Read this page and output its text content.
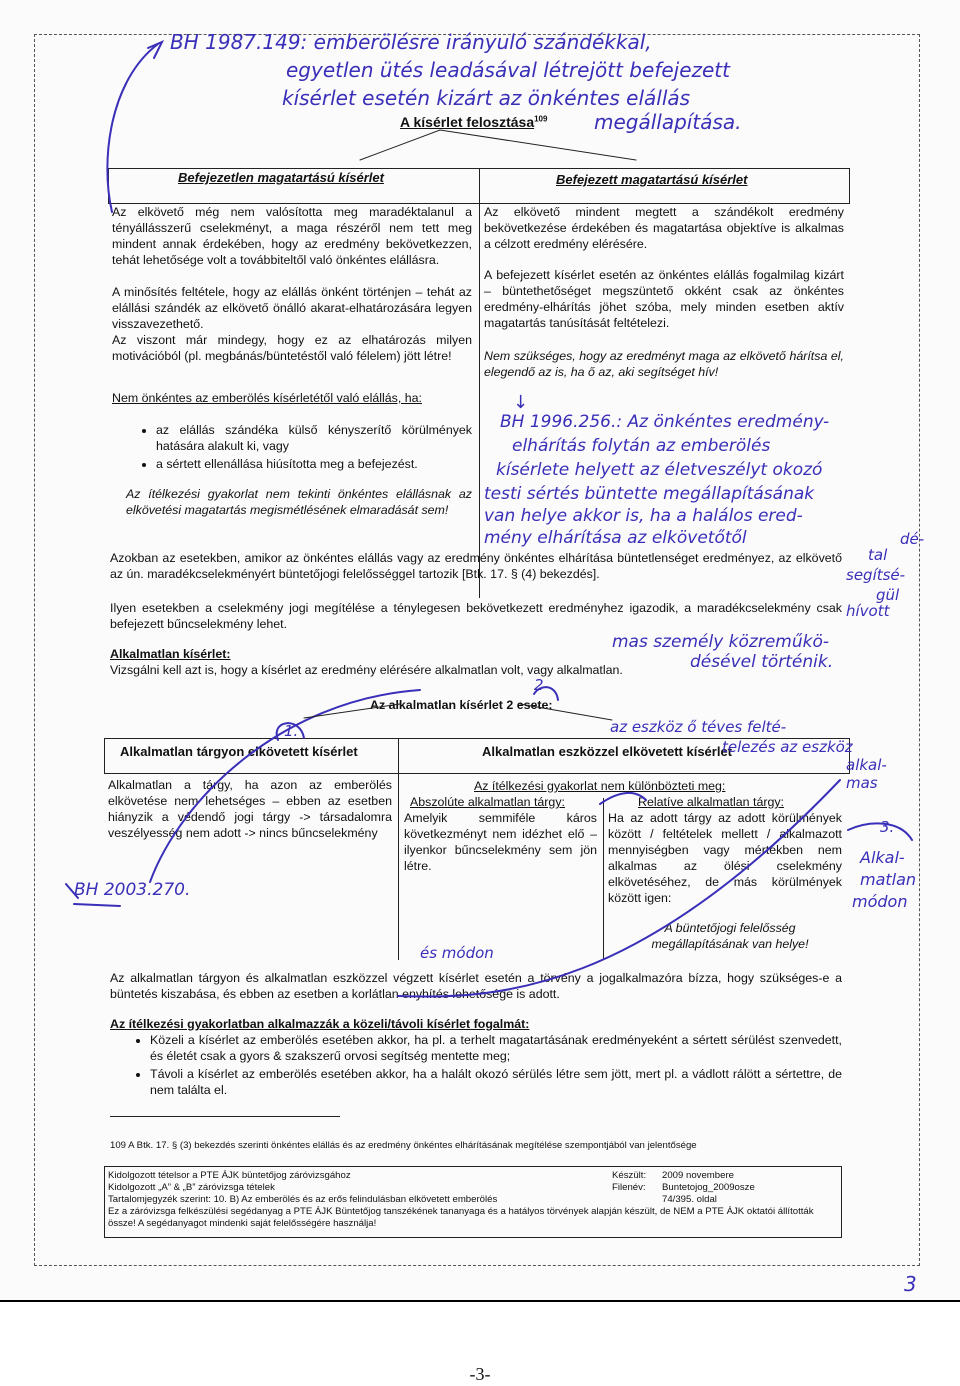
A kísérlet felosztása$^{109}$
Befejezetlen magatartású kísérlet	Befejezett magatartású kísérlet
Az elkövető még nem valósította meg maradéktalanul a tényállásszerű cselekményt, a maga részéről nem tett meg mindent annak érdekében, hogy az eredmény bekövetkezzen, tehát lehetősége volt a továbbiteltől való önkéntes elállásra.
A minősítés feltétele, hogy az elállás önként történjen – tehát az elállási szándék az elkövető önálló akarat-elhatározására legyen visszavezethető.
Az viszont már mindegy, hogy ez az elhatározás milyen motivációból (pl. megbánás/büntetéstől való félelem) jött létre!
Nem önkéntes az emberölés kísérletétől való elállás, ha:
• az elállás szándéka külső kényszerítő körülmények hatására alakult ki, vagy
• a sértett ellenállása hiúsította meg a befejezést.
Az ítélkezési gyakorlat nem tekinti önkéntes elállásnak az elkövetési magatartás megismétlésének elmaradását sem!
Az elkövető mindent megtett a szándékolt eredmény bekövetkezése érdekében és magatartása objektíve is alkalmas a célzott eredmény elérésére.
A befejezett kísérlet esetén az önkéntes elállás fogalmilag kizárt – büntethetőséget megszüntető okként csak az önkéntes eredmény-elhárítás jöhet szóba, mely minden esetben aktív magatartás tanúsítását feltételezi.
Nem szükséges, hogy az eredményt maga az elkövető hárítsa el, elegendő az is, ha ő az, aki segítséget hív!
Azokban az esetekben, amikor az önkéntes elállás vagy az eredmény önkéntes elhárítása büntetlenséget eredményez, az elkövető az ún. maradékcselekményért büntetőjogi felelősséggel tartozik [Btk. 17. § (4) bekezdés].
Ilyen esetekben a cselekmény jogi megítélése a ténylegesen bekövetkezett eredményhez igazodik, a maradékcselekmény csak befejezett bűncselekmény lehet.
Alkalmatlan kísérlet:
Vizsgálni kell azt is, hogy a kísérlet az eredmény elérésére alkalmatlan volt, vagy alkalmatlan.
Az alkalmatlan kísérlet 2 esete:
Alkalmatlan tárgyon elkövetett kísérlet	Alkalmatlan eszközzel elkövetett kísérlet
Alkalmatlan a tárgy, ha azon az emberölés elkövetése nem lehetséges – ebben az esetben hiányzik a védendő jogi tárgy -> társadalomra veszélyesség nem adott -> nincs bűncselekmény
Az ítélkezési gyakorlat nem különbözteti meg:
Abszolúte alkalmatlan tárgy:
Amelyik semmiféle káros következményt nem idézhet elő – ilyenkor bűncselekmény sem jön létre.
Relatíve alkalmatlan tárgy:
Ha az adott tárgy az adott körülmények között / feltételek mellett / alkalmazott mennyiségben vagy mértékben nem alkalmas az ölési cselekmény elkövetéséhez, de más körülmények között igen:
A büntetőjogi felelősség megállapításának van helye!
Az alkalmatlan tárgyon és alkalmatlan eszközzel végzett kísérlet esetén a törvény a jogalkalmazóra bízza, hogy szükséges-e a büntetés kiszabása, és ebben az esetben a korlátlan enyhítés lehetősége is adott.
Az ítélkezési gyakorlatban alkalmazzák a közeli/távoli kísérlet fogalmát:
• Közeli a kísérlet az emberölés esetében akkor, ha pl. a terhelt magatartásának eredményeként a sértett sérülést szenvedett, és életét csak a gyors & szakszerű orvosi segítség mentette meg;
• Távoli a kísérlet az emberölés esetében akkor, ha a halált okozó sérülés létre sem jött, mert pl. a vádlott rálött a sértettre, de nem találta el.
109 A Btk. 17. § (3) bekezdés szerinti önkéntes elállás és az eredmény önkéntes elhárításának megítélése szempontjából van jelentősége
Kidolgozott tételsor a PTE ÁJK büntetőjog záróvizsgához
Kidolgozott „A” & „B” záróvizsga tételek
Tartalomjegyzék szerint: 10. B) Az emberölés és az erős felindulásban elkövetett emberölés
Készült:
Filenév:
2009 novembere
Buntetojog_2009osze
74/395. oldal
Ez a záróvizsga felkészülési segédanyag a PTE ÁJK Büntetőjog tanszékének tananyaga és a hatályos törvények alapján készült, de NEM a PTE ÁJK oktatói állították össze! A segédanyagot mindenki saját felelősségére használja!
BH 1987.149: emberölésre irányuló szándékkal,
egyetlen ütés leadásával létrejött befejezett
kísérlet esetén kizárt az önkéntes elállás
megállapítása.
↓
BH 1996.256.: Az önkéntes eredmény-
elhárítás folytán az emberölés
kísérlete helyett az életveszélyt okozó
testi sértés büntette megállapításának
van helye akkor is, ha a halálos ered-
mény elhárítása az elkövetőtől
mas személy közreműkö-
désével történik.
dé-
tal
segítsé-
gül
hívott
1.
2
3.
az eszköz ő téves felté-
telezés az eszköz
alkal-
mas
Alkal-
matlan
módon
BH 2003.270.
és módon
3
-3-
